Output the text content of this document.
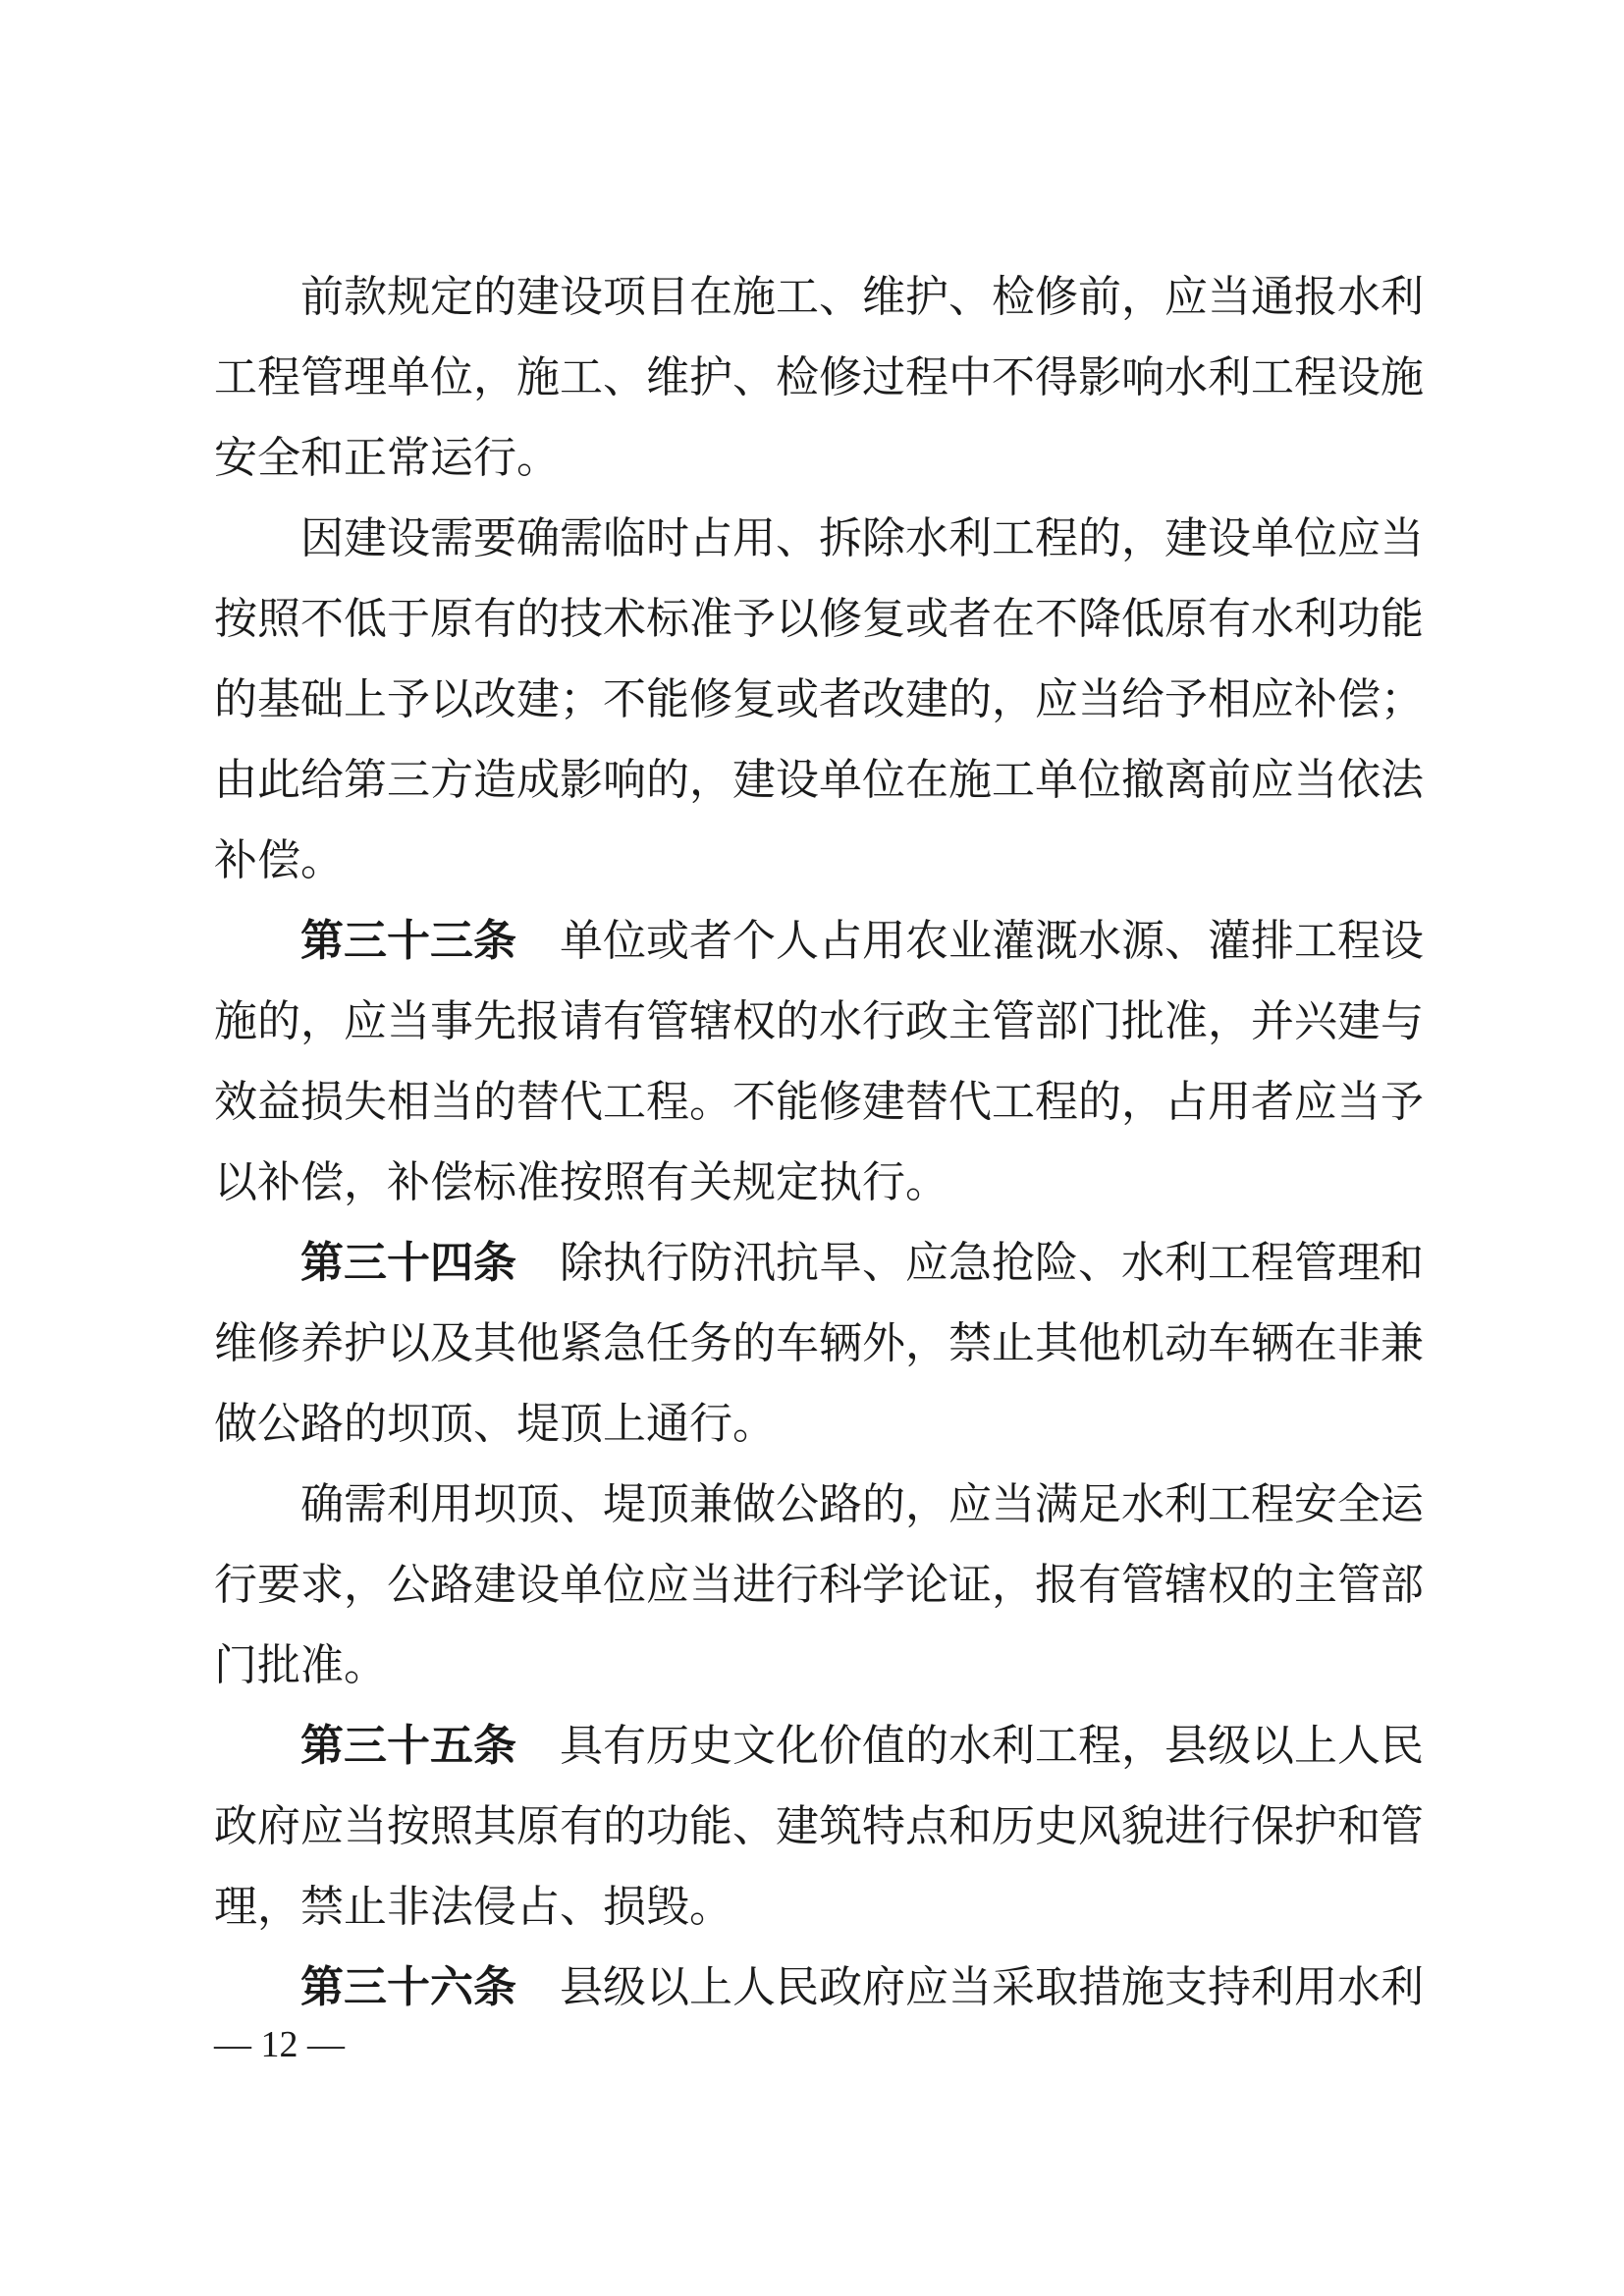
前款规定的建设项目在施工、维护、检修前，应当通报水利
工程管理单位，施工、维护、检修过程中不得影响水利工程设施
安全和正常运行。
因建设需要确需临时占用、拆除水利工程的，建设单位应当
按照不低于原有的技术标准予以修复或者在不降低原有水利功能
的基础上予以改建；不能修复或者改建的，应当给予相应补偿；
由此给第三方造成影响的，建设单位在施工单位撤离前应当依法
补偿。
第三十三条 单位或者个人占用农业灌溉水源、灌排工程设
施的，应当事先报请有管辖权的水行政主管部门批准，并兴建与
效益损失相当的替代工程。不能修建替代工程的，占用者应当予
以补偿，补偿标准按照有关规定执行。
第三十四条 除执行防汛抗旱、应急抢险、水利工程管理和
维修养护以及其他紧急任务的车辆外，禁止其他机动车辆在非兼
做公路的坝顶、堤顶上通行。
确需利用坝顶、堤顶兼做公路的，应当满足水利工程安全运
行要求，公路建设单位应当进行科学论证，报有管辖权的主管部
门批准。
第三十五条 具有历史文化价值的水利工程，县级以上人民
政府应当按照其原有的功能、建筑特点和历史风貌进行保护和管
理，禁止非法侵占、损毁。
第三十六条 县级以上人民政府应当采取措施支持利用水利
— 12 —
